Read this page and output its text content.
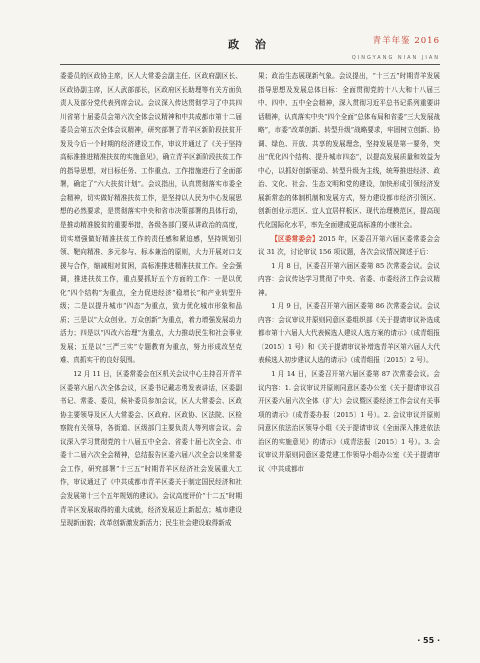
政 治	青羊年鉴 2016
QINGYANG NIAN JIAN

委委员的区政协主席，区人大常委会副主任、区政府副区长、区政协副主席，区人武部部长，区政府区长助理等有关方面负责人及部分党代表列席会议。会议深入传达贯彻学习了中共四川省第十届委员会第六次全体会议精神和中共成都市第十二届委员会第五次全体会议精神，研究部署了青羊区新阶段扶贫开发及今后一个时期的经济建设工作，审议并通过了《关于坚持高标准推进精准扶贫的实施意见》，确立青羊区新阶段扶贫工作的指导思想，对目标任务、工作重点、工作措施进行了全面部署，确定了“六大扶贫计划”。会议指出，认真贯彻落实市委全会精神，切实做好精准扶贫工作，是坚持以人民为中心发展思想的必然要求，是贯彻落实中央和省市决策部署的具体行动，是推动精准脱贫的重要举措，各级各部门要从讲政治的高度，切实增强做好精准扶贫工作的责任感和紧迫感，坚持规划引领、靶向精准、多元参与、标本兼治的原则，大力开展对口支援与合作，缩减相对贫困，高标准推进精准扶贫工作。全会强调，推进扶贫工作，重点要抓好五个方面的工作：一是以优化“四个结构”为重点，全力促进经济“稳增长”和产业转型升级；二是以提升城市“四态”为重点，致力优化城市形象和品质；三是以“大众创业、万众创新”为重点，着力增强发展动力活力；四是以“四改六治理”为重点，大力推动民生和社会事业发展；五是以“三严三实”专题教育为重点，努力形成改坚克难、真抓实干的良好氛围。

12 月 11 日，区委常委会在区机关会议中心主持召开青羊区委第六届八次全体会议，区委书记戴志勇发表讲话，区委副书记、常委、委员，候补委员参加会议，区人大常委会、区政协主要领导及区人大常委会、区政府、区政协、区法院、区检察院有关领导，各街道、区级部门主要负责人等列席会议。会议深入学习贯彻党的十八届五中全会、省委十届七次全会、市委十二届六次全会精神，总结报告区委六届八次全会以来常委会工作，研究部署“十三五”时期青羊区经济社会发展重大工作，审议通过了《中共成都市青羊区委关于制定国民经济和社会发展第十三个五年规划的建议》。会议高度评价“十二五”时期青羊区发展取得的重大成就，经济发展迈上新起点；城市建设呈现新面貌；改革创新激发新活力；民生社会建设取得新成

果；政治生态展现新气象。会议提出，“十三五”时期青羊发展指导思想及发展总体目标：全面贯彻党的十八大和十八届三中、四中、五中全会精神，深入贯彻习近平总书记系列重要讲话精神，认真落实中央“四个全面”总体布局和省委“三大发展战略”，市委“改革创新、转型升级”战略要求，牢固树立创新、协调、绿色、开放、共享的发展理念，坚持发展是第一要务，突出“优化四个结构、提升城市四态”，以提高发展质量和效益为中心，以抓好创新驱动、转型升级为主线，统筹推进经济、政治、文化、社会、生态文明和党的建设，加快形成引领经济发展新常态的体制机制和发展方式，努力建设都市经济引领区、创新创业示范区、宜人宜居样板区、现代治理模范区，提高现代化国际化水平，率先全面建成更高标准的小康社会。

【区委常委会】2015 年，区委召开第六届区委常委会会议 31 次，讨论审议 156 项议题，各次会议情况简述于后：

1 月 8 日，区委召开第六届区委第 85 次常委会议。会议内容：会议传达学习贯彻了中央、省委、市委经济工作会议精神。

1 月 9 日，区委召开第六届区委第 86 次常委会议。会议内容：会议审议并原则同意区委组织部《关于提请审议补选成都市第十六届人大代表候选人建议人选方案的请示》（成青组报〔2015〕1 号）和《关于提请审议补增选青羊区第六届人大代表候选人初步建议人选的请示》（成青组报〔2015〕2 号）。

1 月 14 日，区委召开第六届区委第 87 次常委会议。会议内容：1. 会议审议并原则同意区委办公室《关于提请审议召开区委六届六次全体（扩大）会议暨区委经济工作会议有关事项的请示》（成青委办报〔2015〕1 号）。2. 会议审议并原则同意区依法治区领导小组《关于提请审议《全面深入推进依法治区的实施意见》的请示》（成青法报〔2015〕1 号）。3. 会议审议并原则同意区委党建工作领导小组办公室《关于提请审议〈中共成都市

· 55 ·
